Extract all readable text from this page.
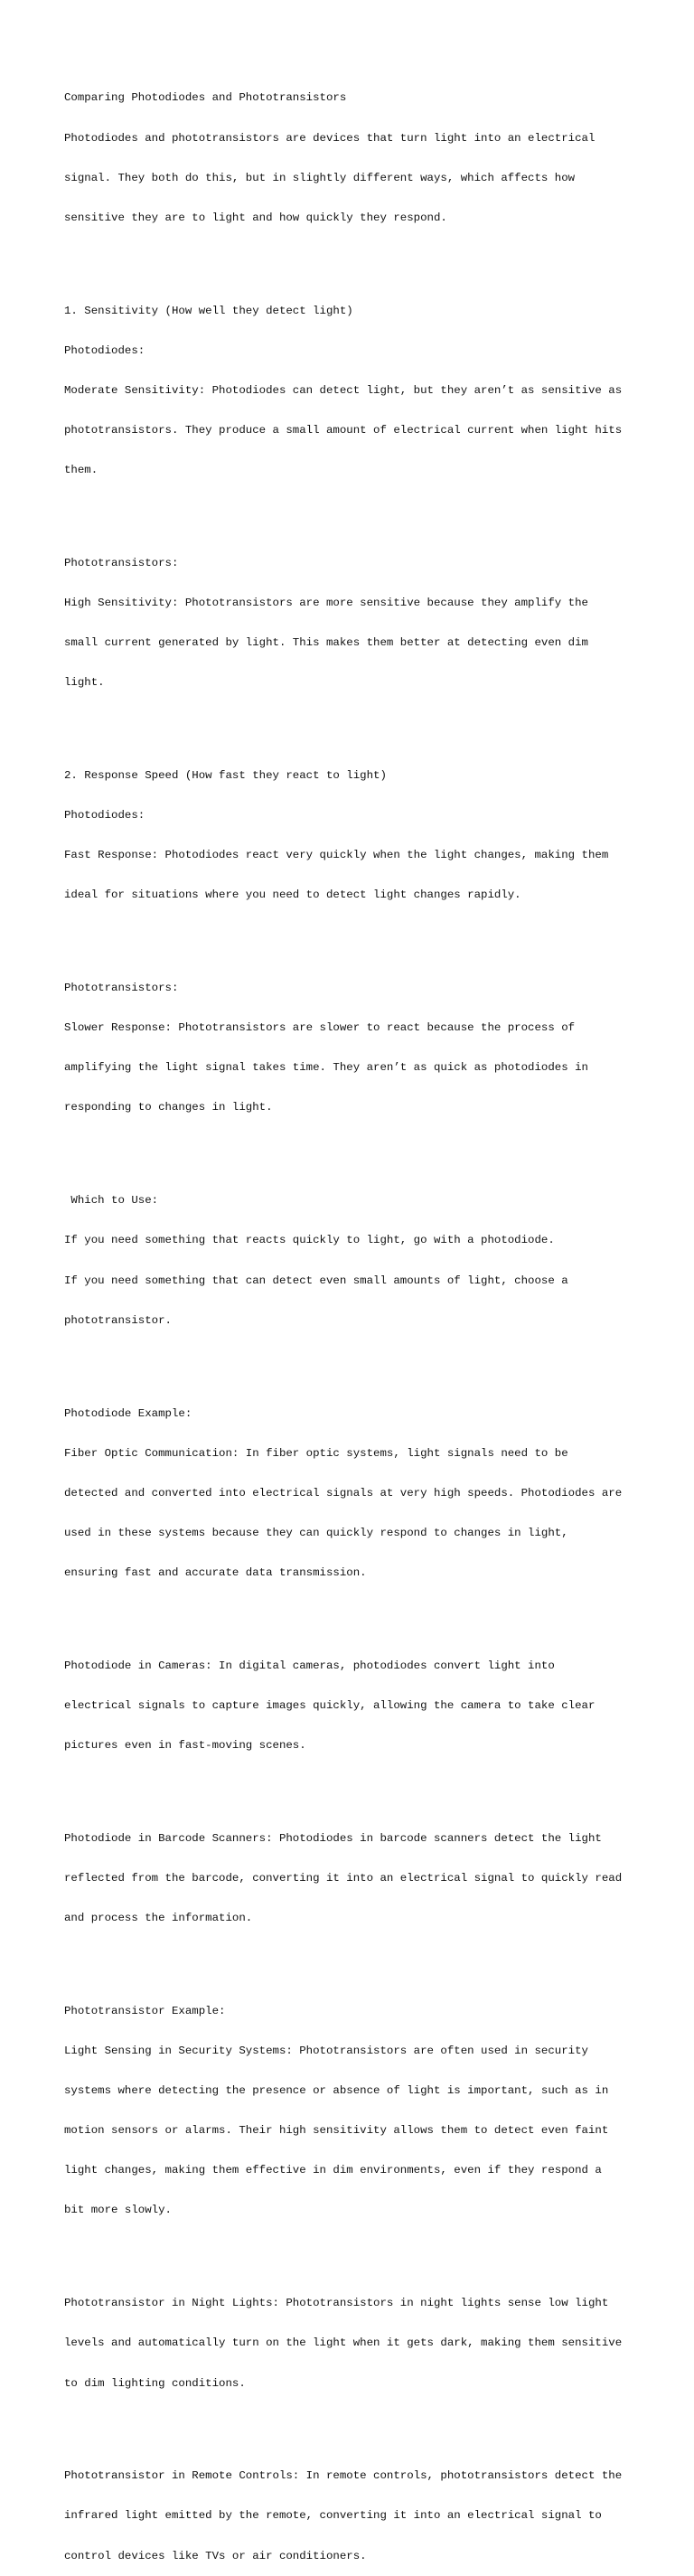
Comparing Photodiodes and Phototransistors

Photodiodes and phototransistors are devices that turn light into an electrical

signal. They both do this, but in slightly different ways, which affects how

sensitive they are to light and how quickly they respond.

1. Sensitivity (How well they detect light)

Photodiodes:

Moderate Sensitivity: Photodiodes can detect light, but they aren’t as sensitive as

phototransistors. They produce a small amount of electrical current when light hits

them.

Phototransistors:

High Sensitivity: Phototransistors are more sensitive because they amplify the

small current generated by light. This makes them better at detecting even dim

light.

2. Response Speed (How fast they react to light)

Photodiodes:

Fast Response: Photodiodes react very quickly when the light changes, making them

ideal for situations where you need to detect light changes rapidly.

Phototransistors:

Slower Response: Phototransistors are slower to react because the process of

amplifying the light signal takes time. They aren’t as quick as photodiodes in

responding to changes in light.

Which to Use:

If you need something that reacts quickly to light, go with a photodiode.

If you need something that can detect even small amounts of light, choose a

phototransistor.

Photodiode Example:

Fiber Optic Communication: In fiber optic systems, light signals need to be

detected and converted into electrical signals at very high speeds. Photodiodes are

used in these systems because they can quickly respond to changes in light,

ensuring fast and accurate data transmission.

Photodiode in Cameras: In digital cameras, photodiodes convert light into

electrical signals to capture images quickly, allowing the camera to take clear

pictures even in fast-moving scenes.

Photodiode in Barcode Scanners: Photodiodes in barcode scanners detect the light

reflected from the barcode, converting it into an electrical signal to quickly read

and process the information.

Phototransistor Example:

Light Sensing in Security Systems: Phototransistors are often used in security

systems where detecting the presence or absence of light is important, such as in

motion sensors or alarms. Their high sensitivity allows them to detect even faint

light changes, making them effective in dim environments, even if they respond a

bit more slowly.

Phototransistor in Night Lights: Phototransistors in night lights sense low light

levels and automatically turn on the light when it gets dark, making them sensitive

to dim lighting conditions.

Phototransistor in Remote Controls: In remote controls, phototransistors detect the

infrared light emitted by the remote, converting it into an electrical signal to

control devices like TVs or air conditioners.
